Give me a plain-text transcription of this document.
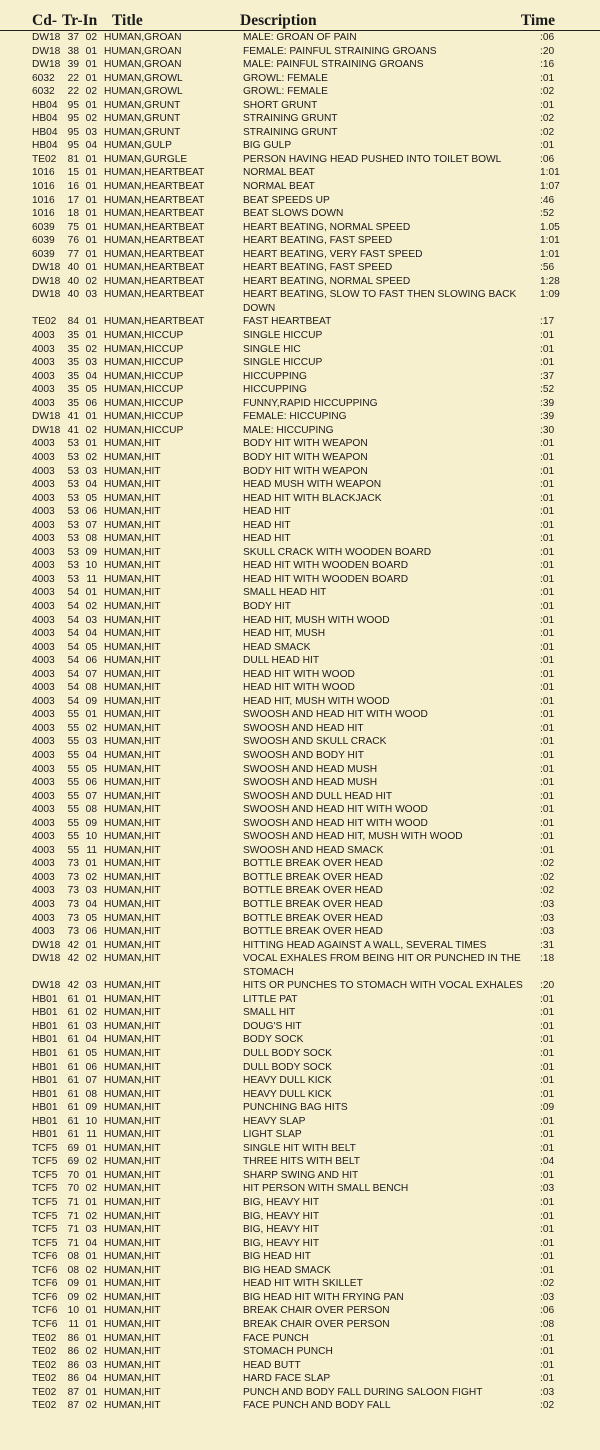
Cd- Tr-In Title	Description	Time
DW18 37 02 HUMAN,GROAN	MALE: GROAN OF PAIN	:06
DW18 38 01 HUMAN,GROAN	FEMALE: PAINFUL STRAINING GROANS	:20
DW18 39 01 HUMAN,GROAN	MALE: PAINFUL STRAINING GROANS	:16
6032	22 01 HUMAN,GROWL	GROWL: FEMALE	:01
6032	22 02 HUMAN,GROWL	GROWL: FEMALE	:02
HB04 95 01 HUMAN,GRUNT	SHORT GRUNT	:01
HB04 95 02 HUMAN,GRUNT	STRAINING GRUNT	:02
HB04 95 03 HUMAN,GRUNT	STRAINING GRUNT	:02
HB04 95 04 HUMAN,GULP	BIG GULP	:01
TE02	81 01 HUMAN,GURGLE	PERSON HAVING HEAD PUSHED INTO TOILET BOWL	:06
1016	15 01 HUMAN,HEARTBEAT	NORMAL BEAT	1:01
1016	16 01 HUMAN,HEARTBEAT	NORMAL BEAT	1:07
1016	17 01 HUMAN,HEARTBEAT	BEAT SPEEDS UP	:46
1016	18 01 HUMAN,HEARTBEAT	BEAT SLOWS DOWN	:52
6039	75 01 HUMAN,HEARTBEAT	HEART BEATING, NORMAL SPEED	1.05
6039	76 01 HUMAN,HEARTBEAT	HEART BEATING, FAST SPEED	1:01
6039	77 01 HUMAN,HEARTBEAT	HEART BEATING, VERY FAST SPEED	1:01
DW18 40 01 HUMAN,HEARTBEAT	HEART BEATING, FAST SPEED	:56
DW18 40 02 HUMAN,HEARTBEAT	HEART BEATING, NORMAL SPEED	1:28
DW18 40 03 HUMAN,HEARTBEAT	HEART BEATING, SLOW TO FAST THEN SLOWING BACK DOWN
1:09
TE02	84 01 HUMAN,HEARTBEAT	FAST HEARTBEAT	:17
4003	35 01 HUMAN,HICCUP	SINGLE HICCUP	:01
4003	35 02 HUMAN,HICCUP	SINGLE HIC	:01
4003	35 03 HUMAN,HICCUP	SINGLE HICCUP	:01
4003	35 04 HUMAN,HICCUP	HICCUPPING	:37
4003	35 05 HUMAN,HICCUP	HICCUPPING	:52
4003	35 06 HUMAN,HICCUP	FUNNY,RAPID HICCUPPING	:39
DW18 41 01 HUMAN,HICCUP	FEMALE: HICCUPING	:39
DW18 41 02 HUMAN,HICCUP	MALE: HICCUPING	:30
4003	53 01 HUMAN,HIT	BODY HIT WITH WEAPON	:01
4003	53 02 HUMAN,HIT	BODY HIT WITH WEAPON	:01
4003	53 03 HUMAN,HIT	BODY HIT WITH WEAPON	:01
4003	53 04 HUMAN,HIT	HEAD MUSH WITH WEAPON	:01
4003	53 05 HUMAN,HIT	HEAD HIT WITH BLACKJACK	:01
4003	53 06 HUMAN,HIT	HEAD HIT	:01
4003	53 07 HUMAN,HIT	HEAD HIT	:01
4003	53 08 HUMAN,HIT	HEAD HIT	:01
4003	53 09 HUMAN,HIT	SKULL CRACK WITH WOODEN BOARD	:01
4003	53 10 HUMAN,HIT	HEAD HIT WITH WOODEN BOARD	:01
4003	53 11 HUMAN,HIT	HEAD HIT WITH WOODEN BOARD	:01
4003	54 01 HUMAN,HIT	SMALL HEAD HIT	:01
4003	54 02 HUMAN,HIT	BODY HIT	:01
4003	54 03 HUMAN,HIT	HEAD HIT, MUSH WITH WOOD	:01
4003	54 04 HUMAN,HIT	HEAD HIT, MUSH	:01
4003	54 05 HUMAN,HIT	HEAD SMACK	:01
4003	54 06 HUMAN,HIT	DULL HEAD HIT	:01
4003	54 07 HUMAN,HIT	HEAD HIT WITH WOOD	:01
4003	54 08 HUMAN,HIT	HEAD HIT WITH WOOD	:01
4003	54 09 HUMAN,HIT	HEAD HIT, MUSH WITH WOOD	:01
4003	55 01 HUMAN,HIT	SWOOSH AND HEAD HIT WITH WOOD	:01
4003	55 02 HUMAN,HIT	SWOOSH AND HEAD HIT	:01
4003	55 03 HUMAN,HIT	SWOOSH AND SKULL CRACK	:01
4003	55 04 HUMAN,HIT	SWOOSH AND BODY HIT	:01
4003	55 05 HUMAN,HIT	SWOOSH AND HEAD MUSH	:01
4003	55 06 HUMAN,HIT	SWOOSH AND HEAD MUSH	:01
4003	55 07 HUMAN,HIT	SWOOSH AND DULL HEAD HIT	:01
4003	55 08 HUMAN,HIT	SWOOSH AND HEAD HIT WITH WOOD	:01
4003	55 09 HUMAN,HIT	SWOOSH AND HEAD HIT WITH WOOD	:01
4003	55 10 HUMAN,HIT	SWOOSH AND HEAD HIT, MUSH WITH WOOD	:01
4003	55 11 HUMAN,HIT	SWOOSH AND HEAD SMACK	:01
4003	73 01 HUMAN,HIT	BOTTLE BREAK OVER HEAD	:02
4003	73 02 HUMAN,HIT	BOTTLE BREAK OVER HEAD	:02
4003	73 03 HUMAN,HIT	BOTTLE BREAK OVER HEAD	:02
4003	73 04 HUMAN,HIT	BOTTLE BREAK OVER HEAD	:03
4003	73 05 HUMAN,HIT	BOTTLE BREAK OVER HEAD	:03
4003	73 06 HUMAN,HIT	BOTTLE BREAK OVER HEAD	:03
DW18 42 01 HUMAN,HIT	HITTING HEAD AGAINST A WALL, SEVERAL TIMES	:31
DW18 42 02 HUMAN,HIT	VOCAL EXHALES FROM BEING HIT OR PUNCHED IN THE STOMACH
:18
DW18 42 03 HUMAN,HIT	HITS OR PUNCHES TO STOMACH WITH VOCAL EXHALES	:20
HB01 61 01 HUMAN,HIT	LITTLE PAT	:01
HB01 61 02 HUMAN,HIT	SMALL HIT	:01
HB01 61 03 HUMAN,HIT	DOUG'S HIT	:01
HB01 61 04 HUMAN,HIT	BODY SOCK	:01
HB01 61 05 HUMAN,HIT	DULL BODY SOCK	:01
HB01 61 06 HUMAN,HIT	DULL BODY SOCK	:01
HB01 61 07 HUMAN,HIT	HEAVY DULL KICK	:01
HB01 61 08 HUMAN,HIT	HEAVY DULL KICK	:01
HB01 61 09 HUMAN,HIT	PUNCHING BAG HITS	:09
HB01 61 10 HUMAN,HIT	HEAVY SLAP	:01
HB01 61 11 HUMAN,HIT	LIGHT SLAP	:01
TCF5 69 01 HUMAN,HIT	SINGLE HIT WITH BELT	:01
TCF5 69 02 HUMAN,HIT	THREE HITS WITH BELT	:04
TCF5 70 01 HUMAN,HIT	SHARP SWING AND HIT	:01
TCF5 70 02 HUMAN,HIT	HIT PERSON WITH SMALL BENCH	:03
TCF5 71 01 HUMAN,HIT	BIG, HEAVY HIT	:01
TCF5 71 02 HUMAN,HIT	BIG, HEAVY HIT	:01
TCF5 71 03 HUMAN,HIT	BIG, HEAVY HIT	:01
TCF5 71 04 HUMAN,HIT	BIG, HEAVY HIT	:01
TCF6 08 01 HUMAN,HIT	BIG HEAD HIT	:01
TCF6 08 02 HUMAN,HIT	BIG HEAD SMACK	:01
TCF6 09 01 HUMAN,HIT	HEAD HIT WITH SKILLET	:02
TCF6 09 02 HUMAN,HIT	BIG HEAD HIT WITH FRYING PAN	:03
TCF6 10 01 HUMAN,HIT	BREAK CHAIR OVER PERSON	:06
TCF6	11 01 HUMAN,HIT	BREAK CHAIR OVER PERSON	:08
TE02	86 01 HUMAN,HIT	FACE PUNCH	:01
TE02	86 02 HUMAN,HIT	STOMACH PUNCH	:01
TE02	86 03 HUMAN,HIT	HEAD BUTT	:01
TE02	86 04 HUMAN,HIT	HARD FACE SLAP	:01
TE02	87 01 HUMAN,HIT	PUNCH AND BODY FALL DURING SALOON FIGHT	:03
TE02	87 02 HUMAN,HIT	FACE PUNCH AND BODY FALL	:02
